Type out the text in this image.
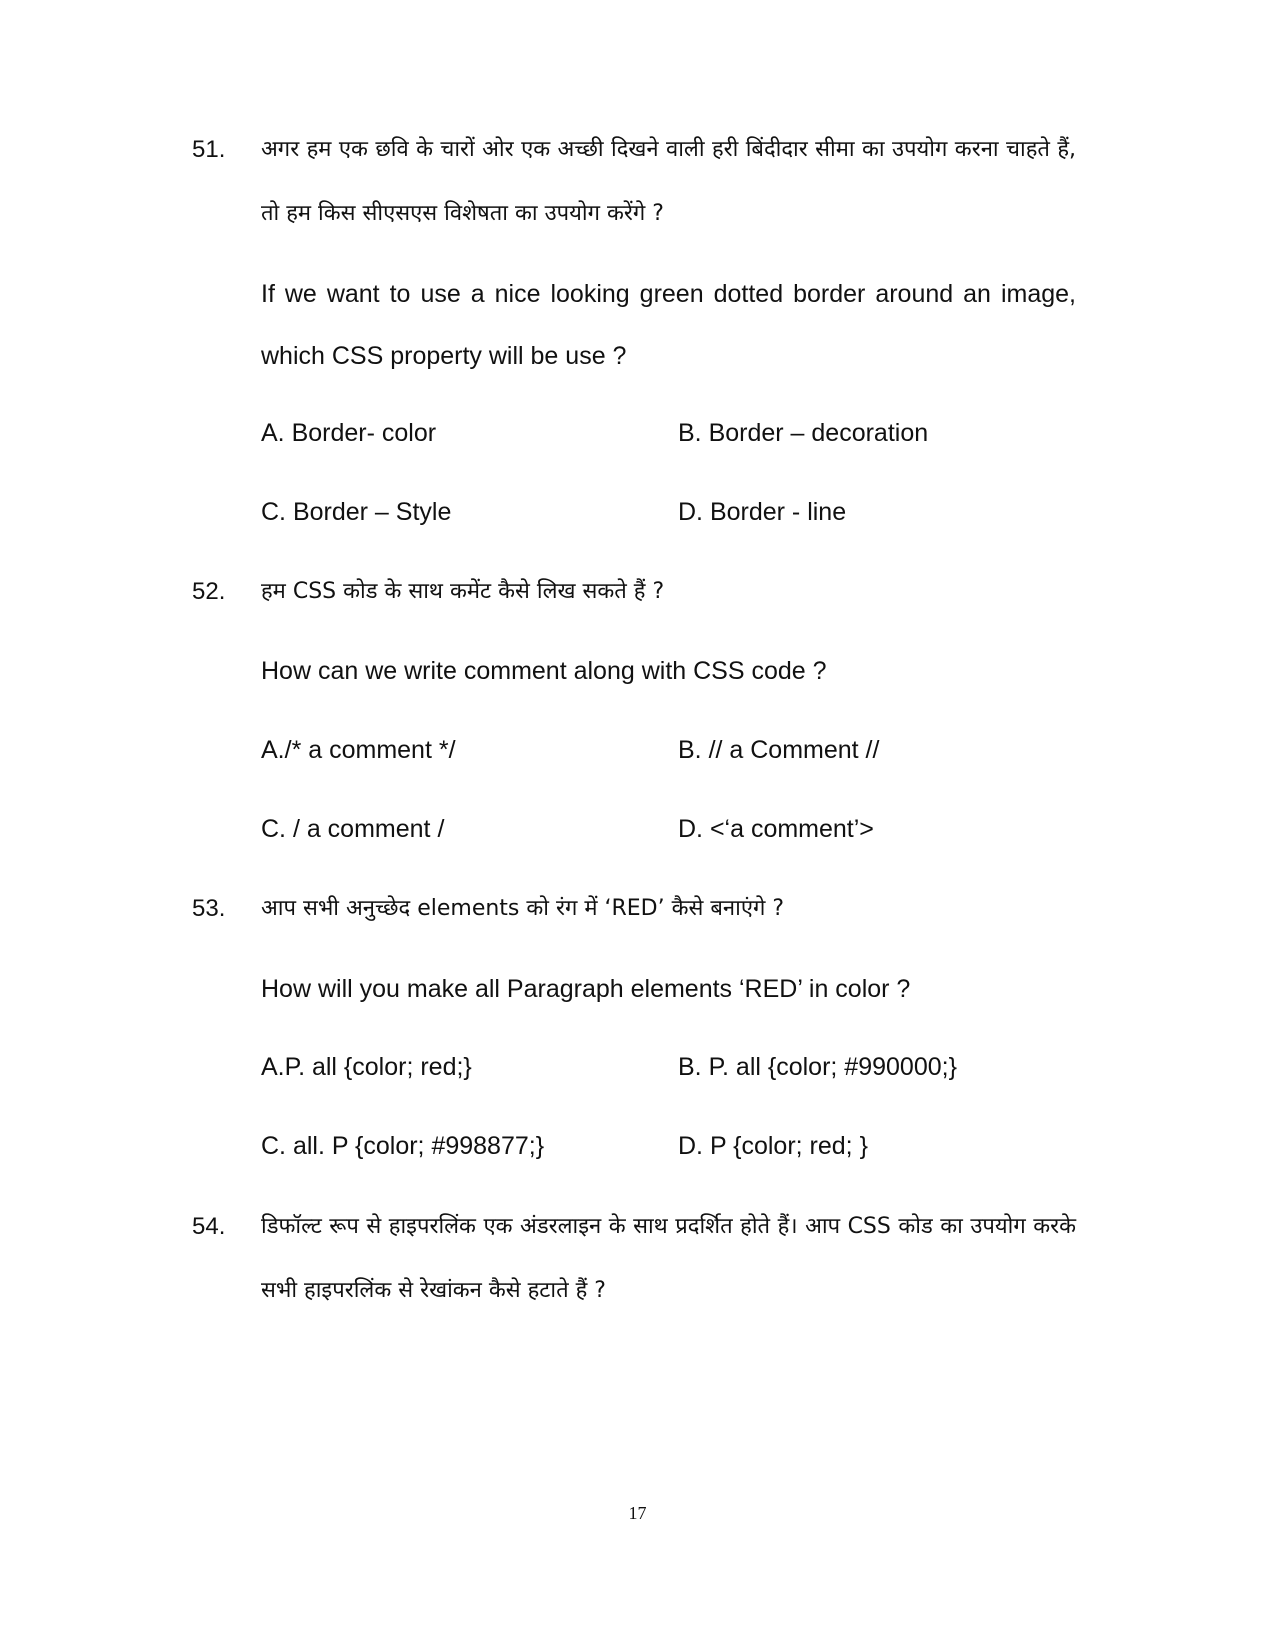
51. अगर हम एक छवि के चारों ओर एक अच्छी दिखने वाली हरी बिंदीदार सीमा का उपयोग करना चाहते हैं, तो हम किस सीएसएस विशेषता का उपयोग करेंगे ?
If we want to use a nice looking green dotted border around an image, which CSS property will be use ?
A. Border- color	B. Border – decoration
C. Border – Style	D. Border - line
52. हम CSS कोड के साथ कमेंट कैसे लिख सकते हैं ?
How can we write comment along with CSS code ?
A./* a comment */	B. // a Comment //
C. / a comment /	D. <‘a comment’>
53. आप सभी अनुच्छेद elements को रंग में ‘RED’ कैसे बनाएंगे ?
How will you make all Paragraph elements ‘RED’ in color ?
A.P. all {color; red;}	B. P. all {color; #990000;}
C. all. P {color; #998877;}	D. P {color; red; }
54. डिफॉल्ट रूप से हाइपरलिंक एक अंडरलाइन के साथ प्रदर्शित होते हैं। आप CSS कोड का उपयोग करके सभी हाइपरलिंक से रेखांकन कैसे हटाते हैं ?
17
